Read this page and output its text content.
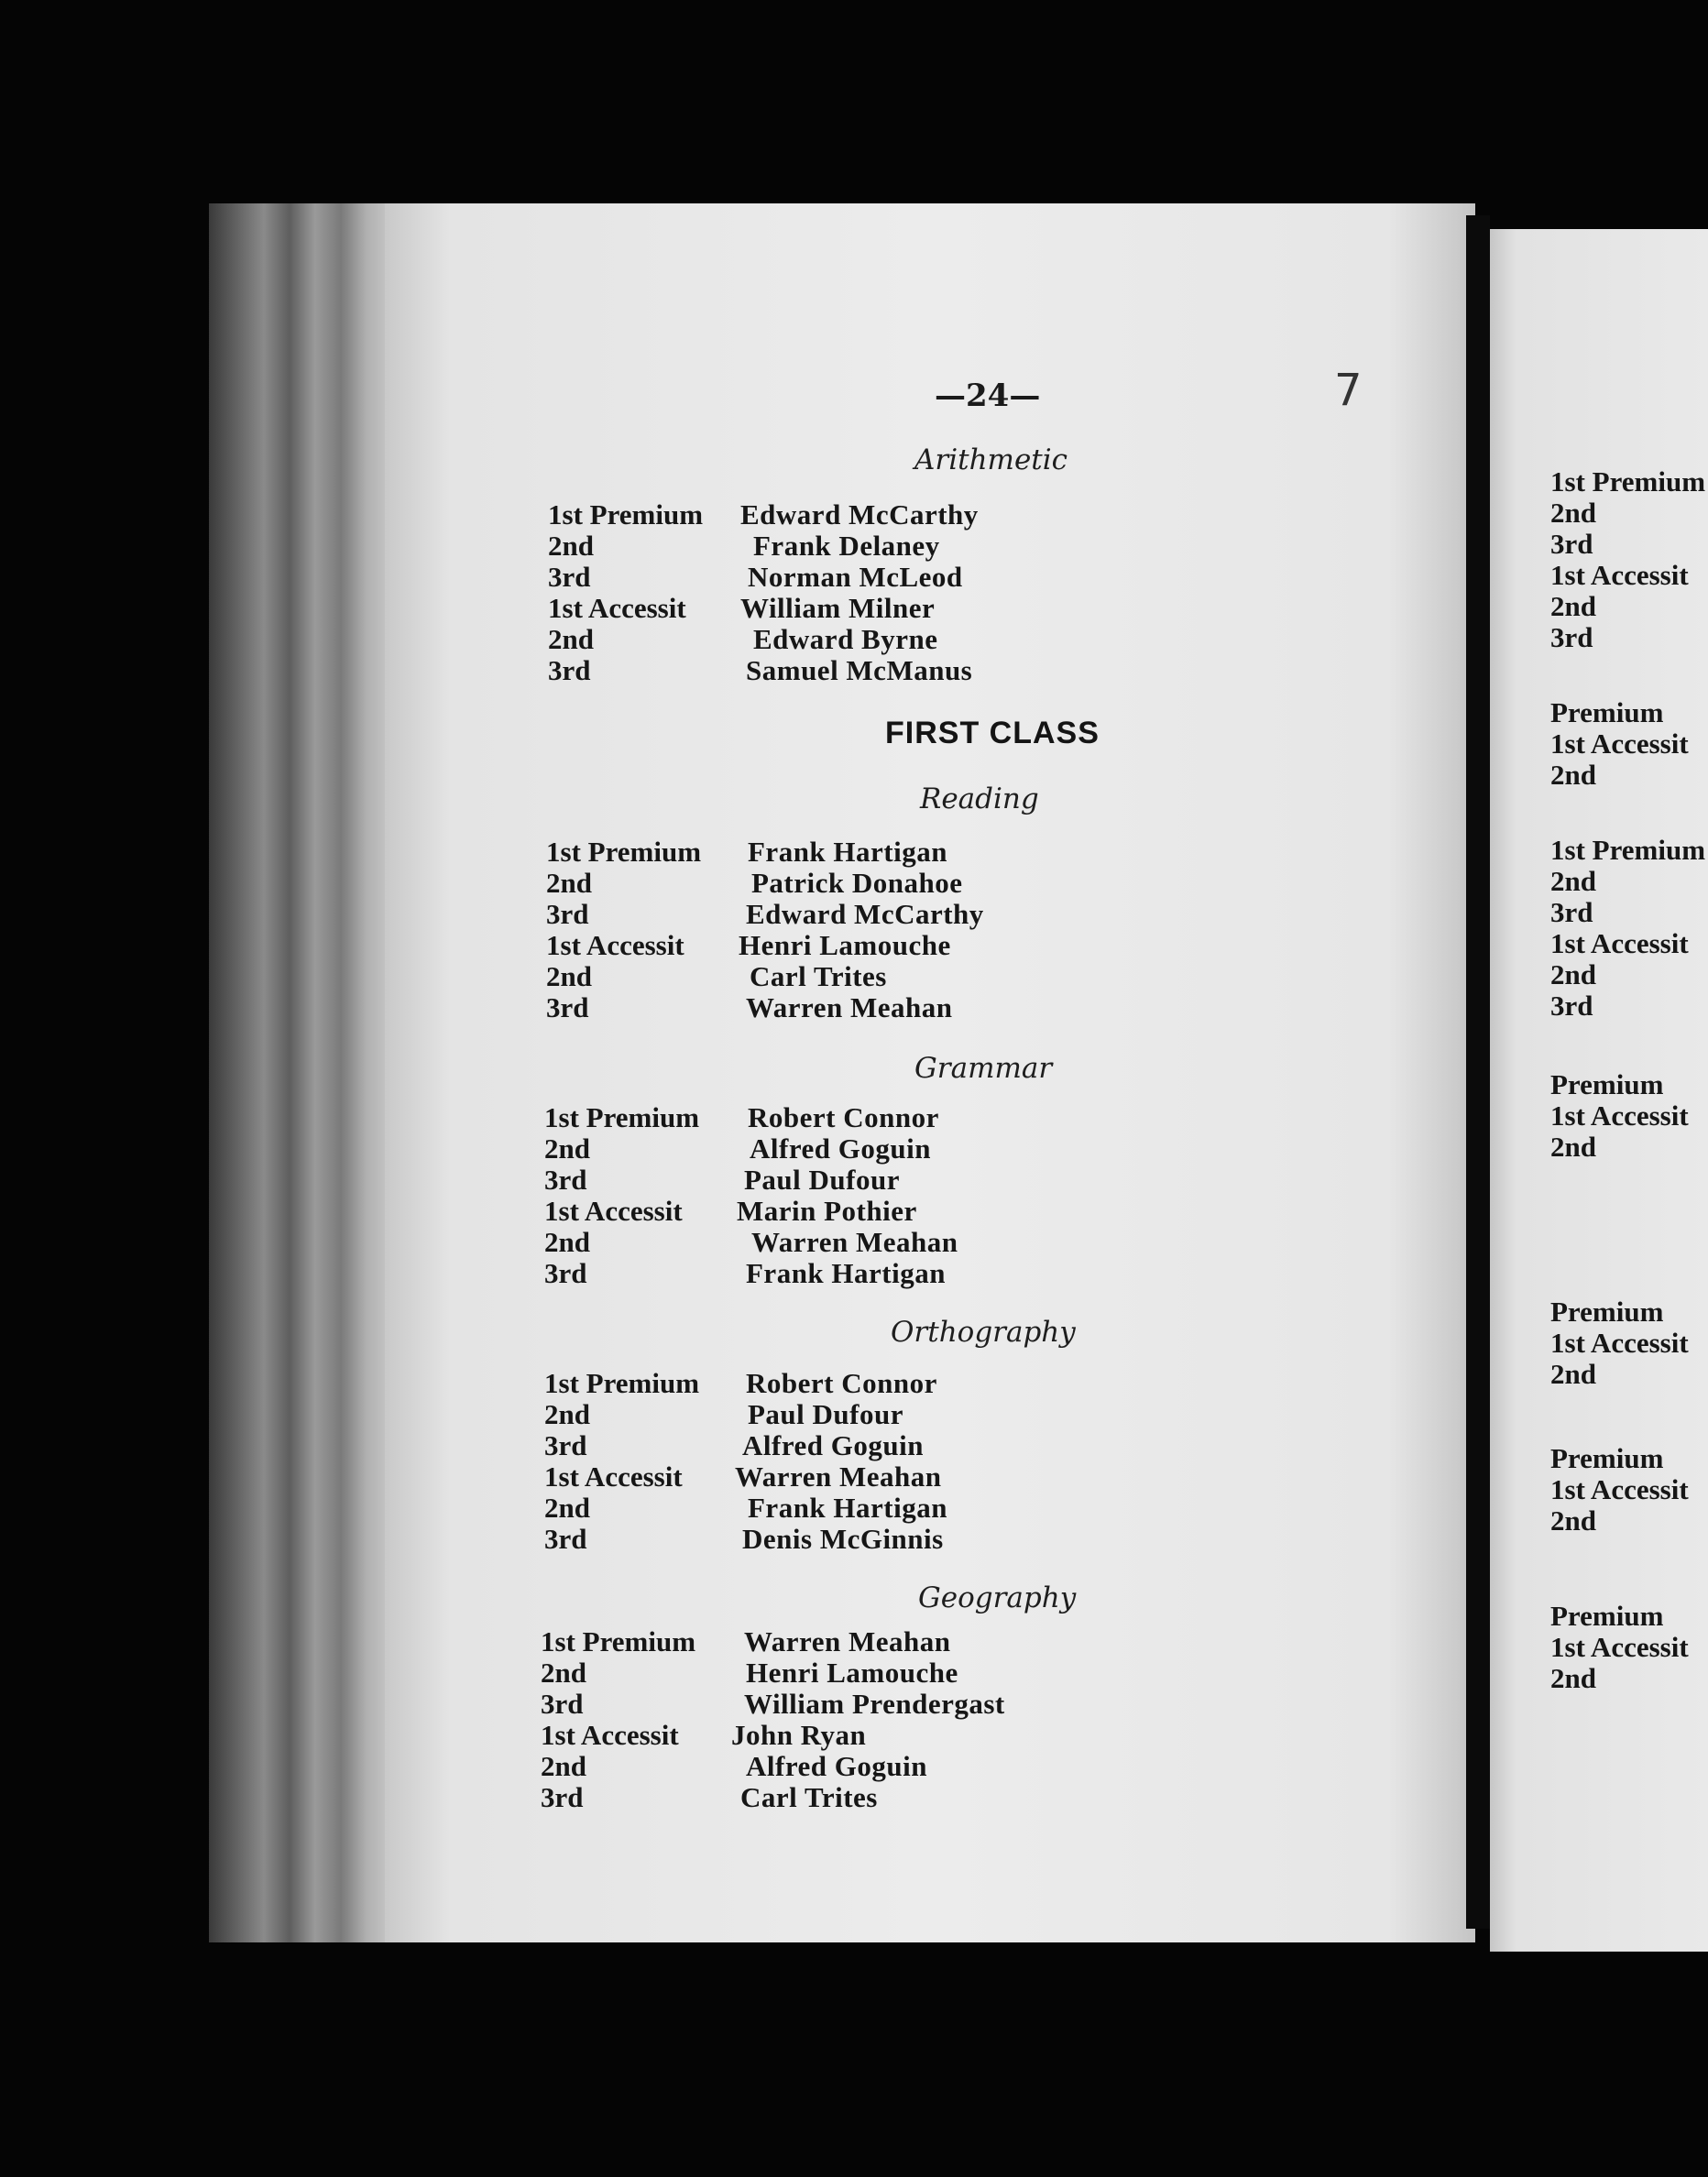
—24—	7
Arithmetic
1st Premium Edward McCarthy
2nd	Frank Delaney
3rd	Norman McLeod
1st Accessit William Milner
2nd	Edward Byrne
3rd	Samuel McManus
FIRST CLASS
Reading
1st Premium Frank Hartigan
2nd	Patrick Donahoe
3rd	Edward McCarthy
1st Accessit Henri Lamouche
2nd	Carl Trites
3rd	Warren Meahan
Grammar
1st Premium Robert Connor
2nd	Alfred Goguin
3rd	Paul Dufour
1st Accessit Marin Pothier
2nd	Warren Meahan
3rd	Frank Hartigan
Orthography
1st Premium Robert Connor
2nd	Paul Dufour
3rd	Alfred Goguin
1st Accessit Warren Meahan
2nd	Frank Hartigan
3rd	Denis McGinnis
Geography
1st Premium Warren Meahan
2nd	Henri Lamouche
3rd	William Prendergast
1st Accessit John Ryan
2nd	Alfred Goguin
3rd	Carl Trites
1st Premium
2nd
3rd
1st Accessit
2nd
3rd
Premium
1st Accessit
2nd
1st Premium
2nd
3rd
1st Accessit
2nd
3rd
Premium
1st Accessit
2nd
Premium
1st Accessit
2nd
Premium
1st Accessit
2nd
Premium
1st Accessit
2nd
